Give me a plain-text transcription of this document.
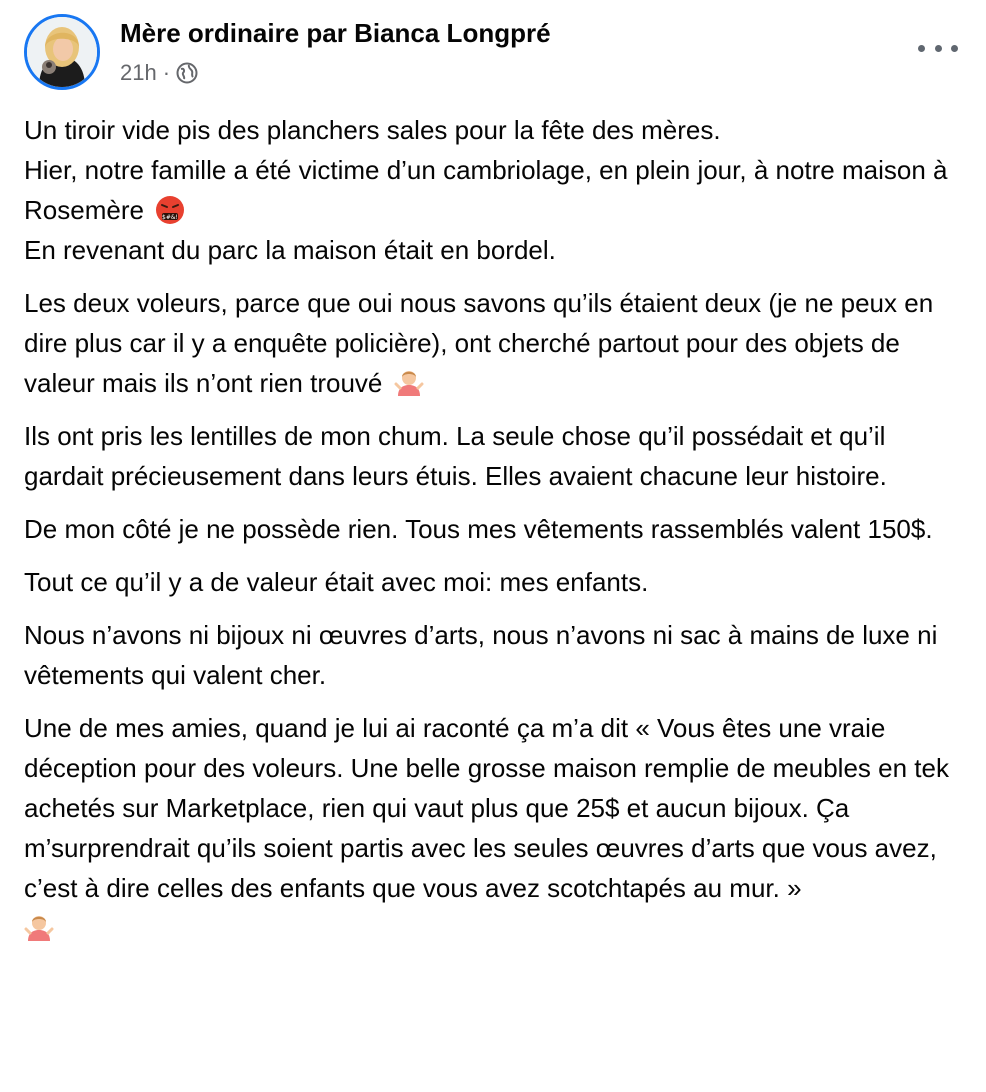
Mère ordinaire par Bianca Longpré
21h ·

Un tiroir vide pis des planchers sales pour la fête des mères.
Hier, notre famille a été victime d’un cambriolage, en plein jour, à notre maison à Rosemère	$#&!

En revenant du parc la maison était en bordel.

Les deux voleurs, parce que oui nous savons qu’ils étaient deux (je ne peux en dire plus car il y a enquête policière), ont cherché partout pour des objets de valeur mais ils n’ont rien trouvé

Ils ont pris les lentilles de mon chum. La seule chose qu’il possédait et qu’il gardait précieusement dans leurs étuis. Elles avaient chacune leur histoire.

De mon côté je ne possède rien. Tous mes vêtements rassemblés valent 150$.

Tout ce qu’il y a de valeur était avec moi: mes enfants.

Nous n’avons ni bijoux ni œuvres d’arts, nous n’avons ni sac à mains de luxe ni vêtements qui valent cher.

Une de mes amies, quand je lui ai raconté ça m’a dit « Vous êtes une vraie déception pour des voleurs. Une belle grosse maison remplie de meubles en tek achetés sur Marketplace, rien qui vaut plus que 25$ et aucun bijoux. Ça m’surprendrait qu’ils soient partis avec les seules œuvres d’arts que vous avez, c’est à dire celles des enfants que vous avez scotchtapés au mur. »
